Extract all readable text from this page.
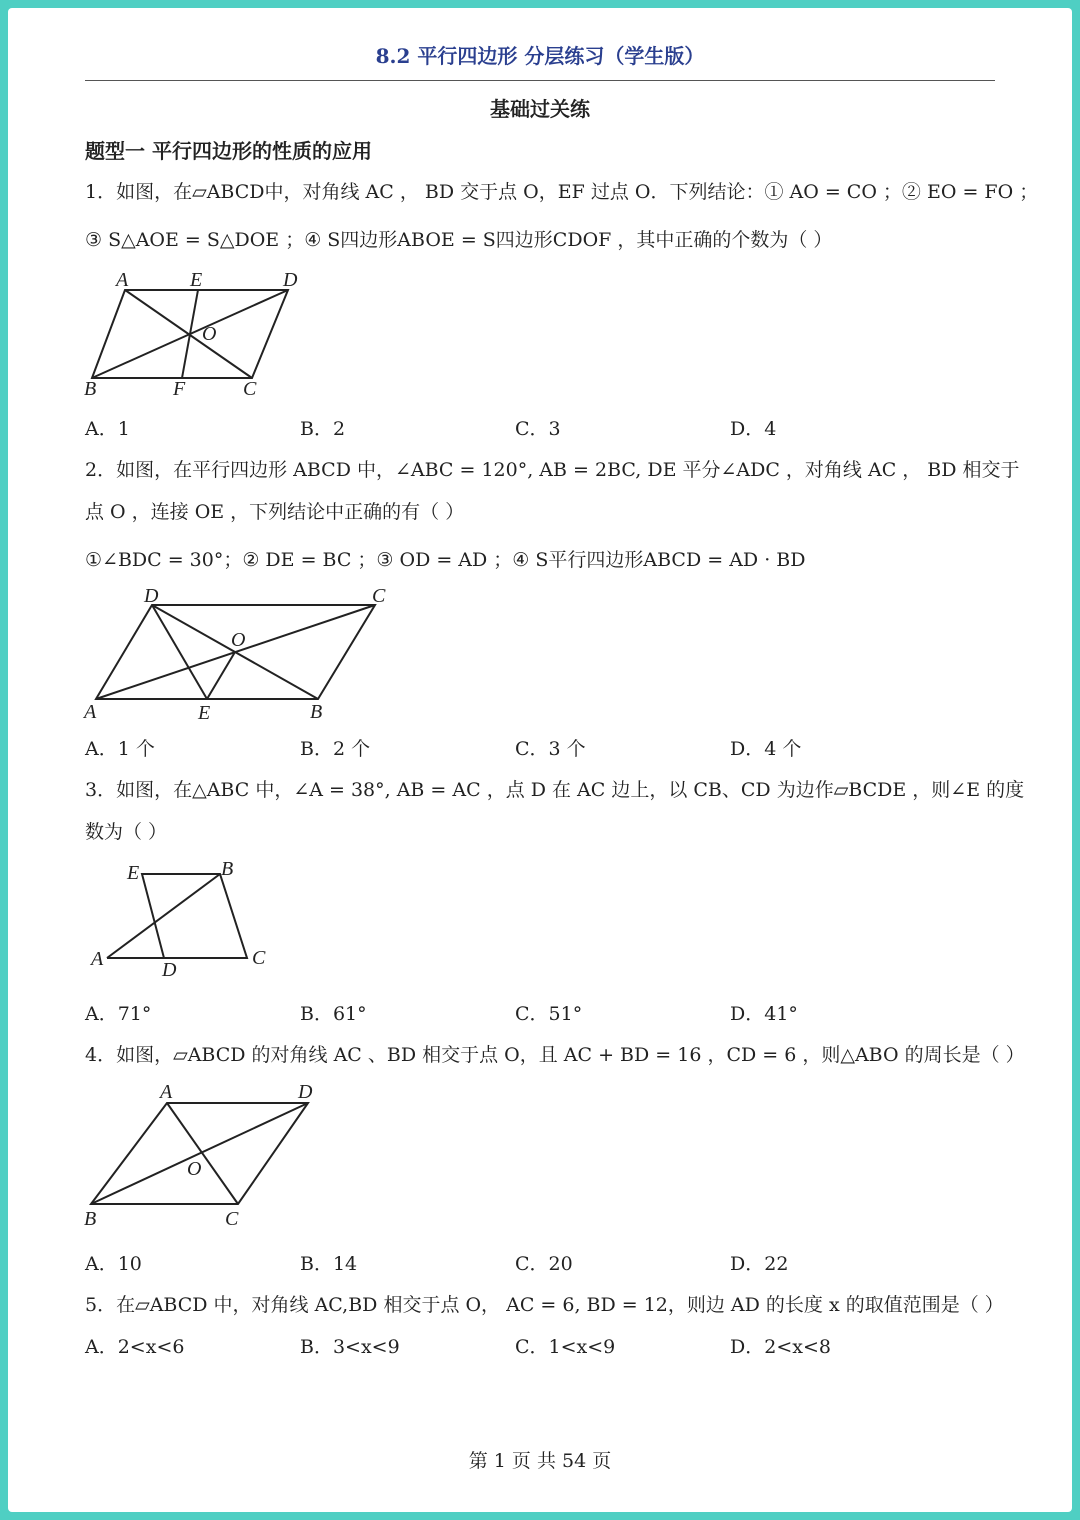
8.2 平行四边形 分层练习（学生版）
基础过关练
题型一 平行四边形的性质的应用
1．如图，在▱ABCD中，对角线 AC ， BD 交于点 O，EF 过点 O．下列结论：① AO = CO ；② EO = FO ；
③ S△AOE = S△DOE ；④ S四边形ABOE = S四边形CDOF ，其中正确的个数为（ ）
A	E	D
O
B	F	C
A．1	B．2	C．3	D．4
2．如图，在平行四边形 ABCD 中，∠ABC = 120°, AB = 2BC, DE 平分∠ADC ，对角线 AC ， BD 相交于
点 O ，连接 OE ，下列结论中正确的有（ ）
①∠BDC = 30°；② DE = BC ；③ OD = AD ；④ S平行四边形ABCD = AD · BD
D	C
O
A	E	B
A．1 个	B．2 个	C．3 个	D．4 个
3．如图，在△ABC 中，∠A = 38°, AB = AC ，点 D 在 AC 边上，以 CB、CD 为边作▱BCDE ，则∠E 的度
数为（ ）
E	B
A	D
C
A．71°	B．61°	C．51°	D．41°
4．如图，▱ABCD 的对角线 AC 、BD 相交于点 O，且 AC + BD = 16 ，CD = 6 ，则△ABO 的周长是（ ）
A	D
O
B	C
A．10	B．14	C．20	D．22
5．在▱ABCD 中，对角线 AC,BD 相交于点 O， AC = 6, BD = 12，则边 AD 的长度 x 的取值范围是（ ）
A．2<x<6	B．3<x<9	C．1<x<9	D．2<x<8
第 1 页 共 54 页
